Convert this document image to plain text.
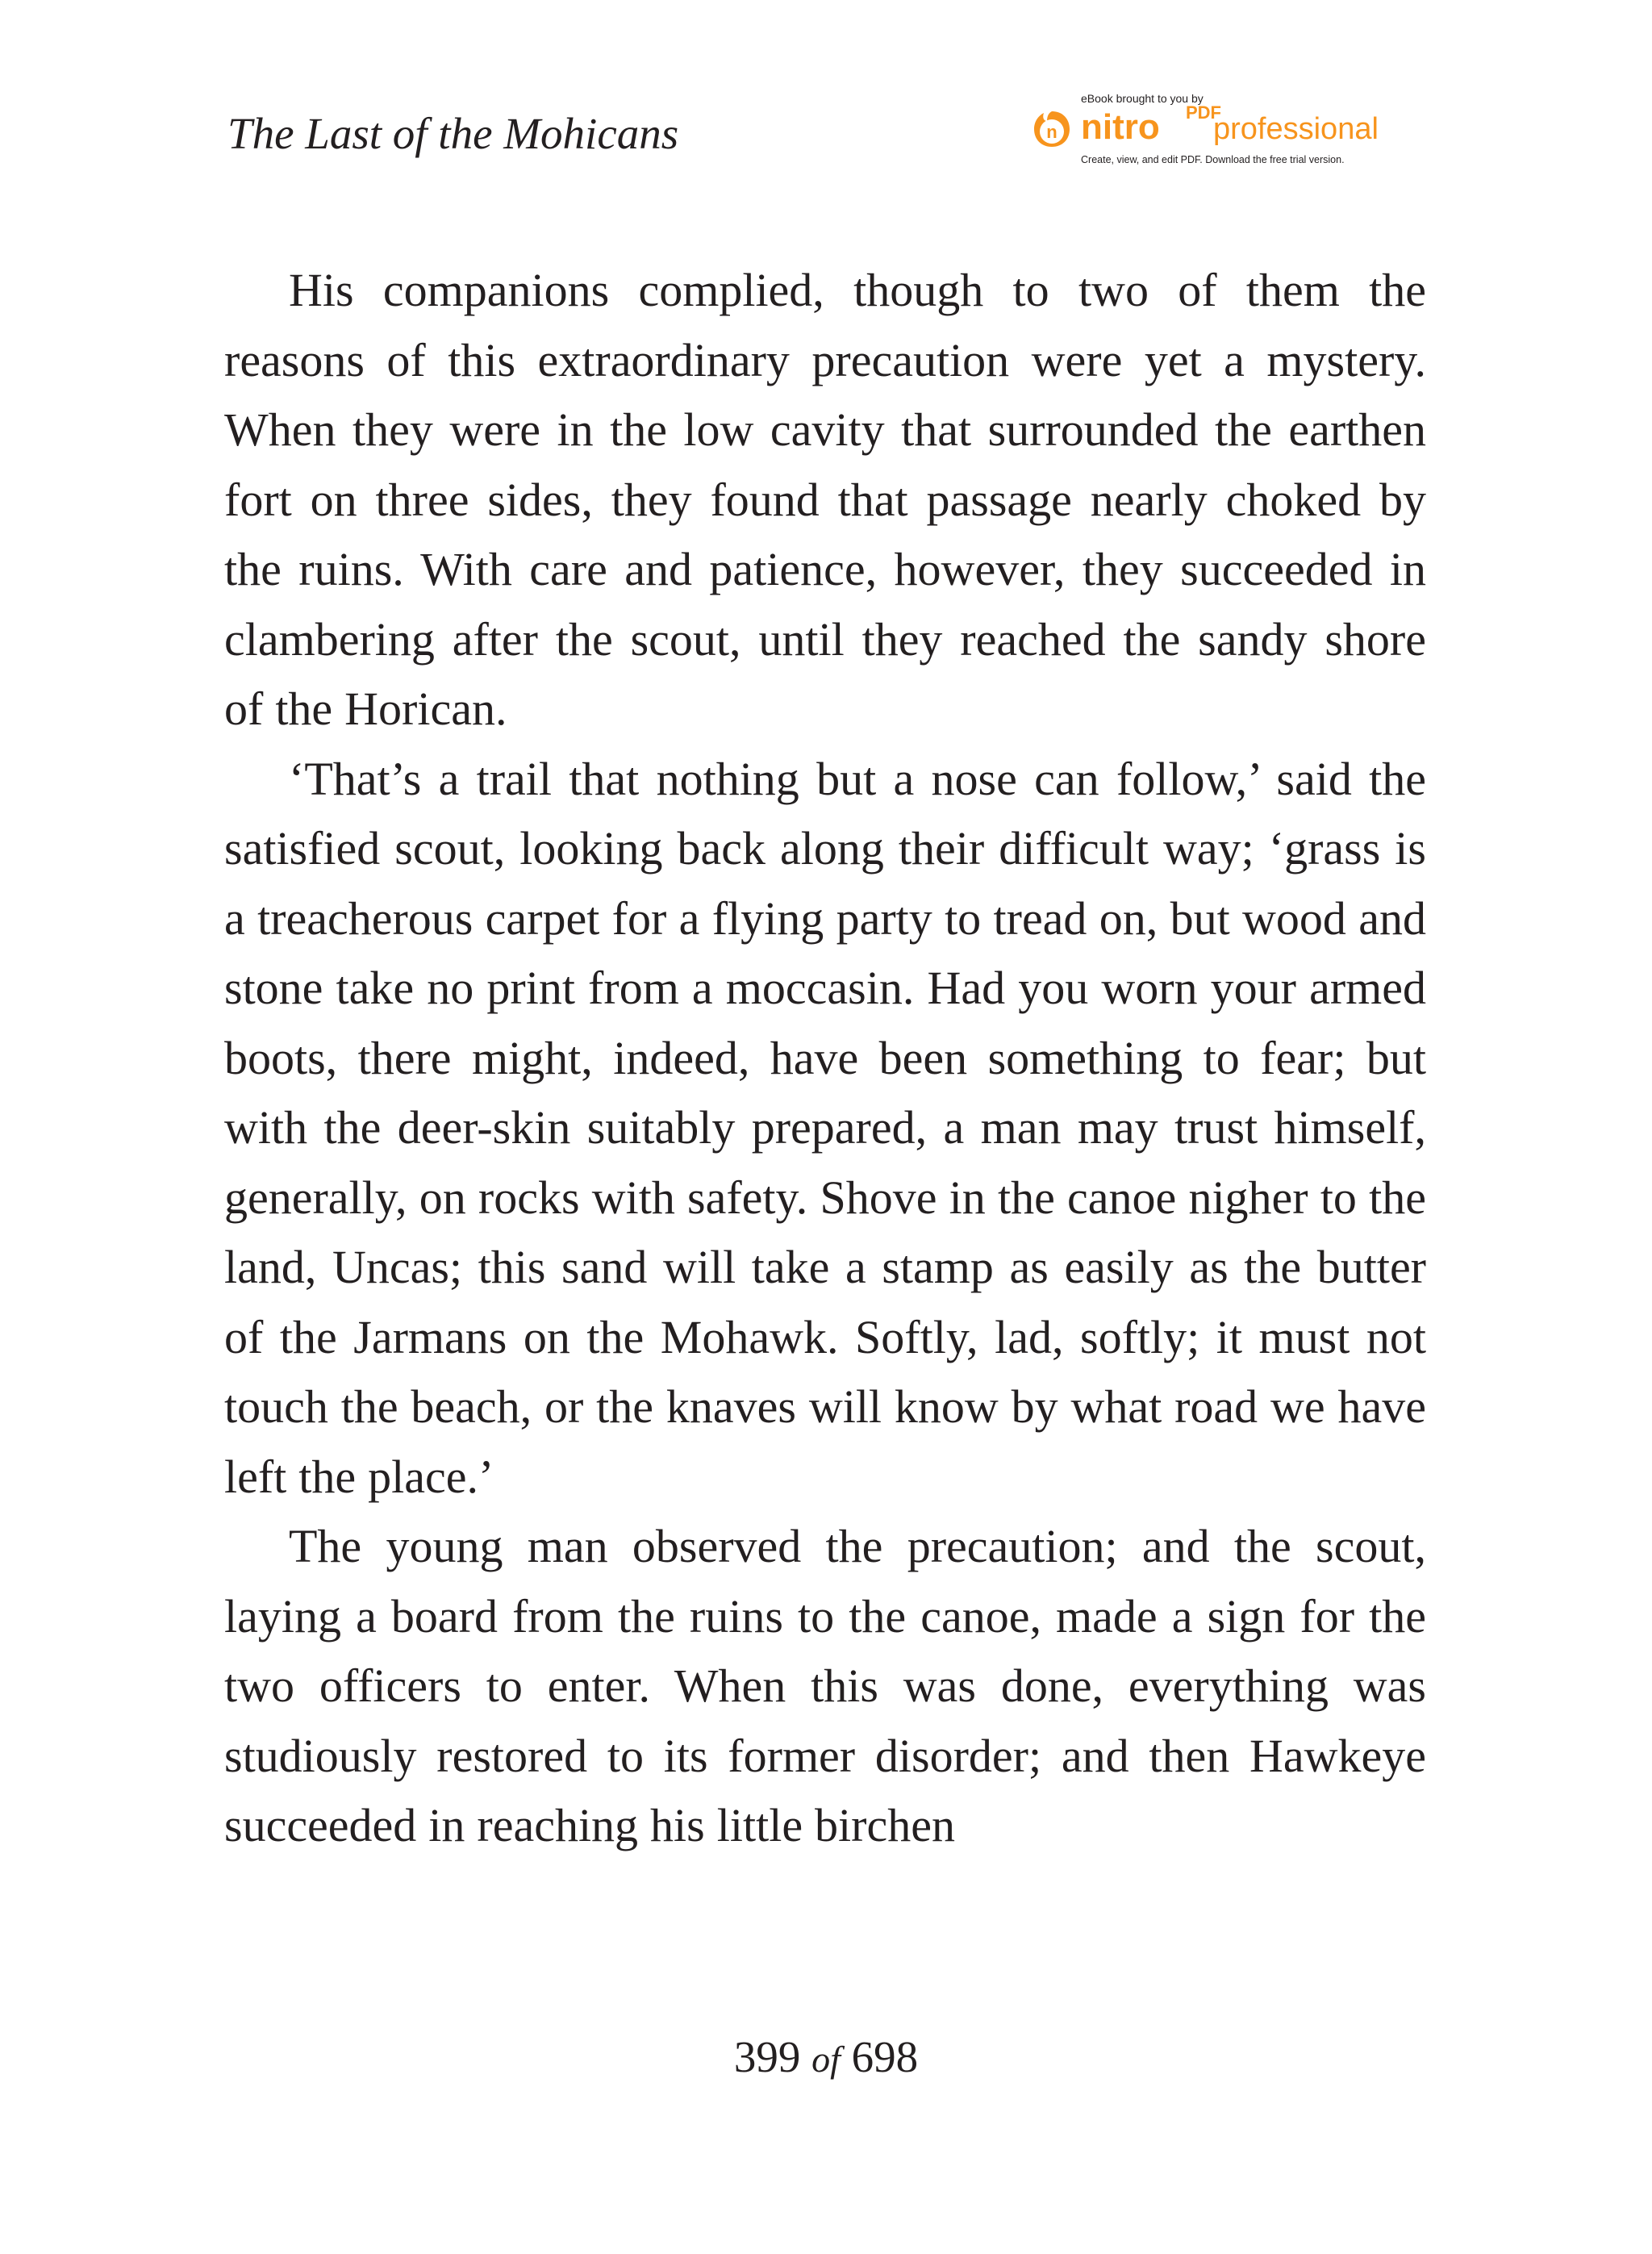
The Last of the Mohicans
eBook brought to you by
n nitro PDF
professional
Create, view, and edit PDF. Download the free trial version.

His companions complied, though to two of them the reasons of this extraordinary precaution were yet a mystery. When they were in the low cavity that surrounded the earthen fort on three sides, they found that passage nearly choked by the ruins. With care and patience, however, they succeeded in clambering after the scout, until they reached the sandy shore of the Horican.

‘That’s a trail that nothing but a nose can follow,’ said the satisfied scout, looking back along their difficult way; ‘grass is a treacherous carpet for a flying party to tread on, but wood and stone take no print from a moccasin. Had you worn your armed boots, there might, indeed, have been something to fear; but with the deer-skin suitably prepared, a man may trust himself, generally, on rocks with safety. Shove in the canoe nigher to the land, Uncas; this sand will take a stamp as easily as the butter of the Jarmans on the Mohawk. Softly, lad, softly; it must not touch the beach, or the knaves will know by what road we have left the place.’

The young man observed the precaution; and the scout, laying a board from the ruins to the canoe, made a sign for the two officers to enter. When this was done, everything was studiously restored to its former disorder; and then Hawkeye succeeded in reaching his little birchen

399 of 698
